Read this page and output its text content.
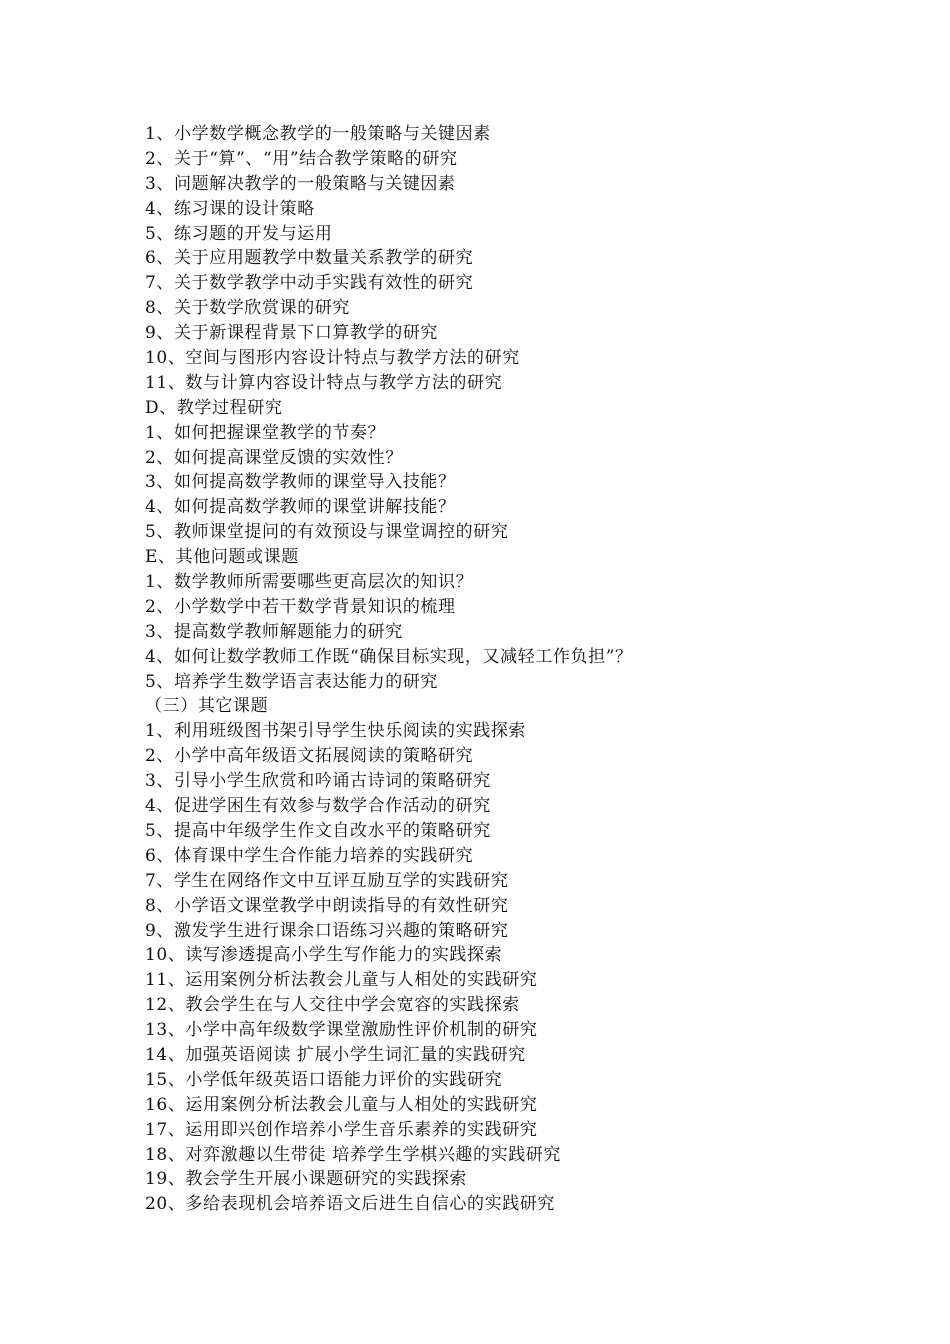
1、小学数学概念教学的一般策略与关键因素
2、关于“算”、“用”结合教学策略的研究
3、问题解决教学的一般策略与关键因素
4、练习课的设计策略
5、练习题的开发与运用
6、关于应用题教学中数量关系教学的研究
7、关于数学教学中动手实践有效性的研究
8、关于数学欣赏课的研究
9、关于新课程背景下口算教学的研究
10、空间与图形内容设计特点与教学方法的研究
11、数与计算内容设计特点与教学方法的研究
D、教学过程研究
1、如何把握课堂教学的节奏？
2、如何提高课堂反馈的实效性？
3、如何提高数学教师的课堂导入技能？
4、如何提高数学教师的课堂讲解技能？
5、教师课堂提问的有效预设与课堂调控的研究
E、其他问题或课题
1、数学教师所需要哪些更高层次的知识？
2、小学数学中若干数学背景知识的梳理
3、提高数学教师解题能力的研究
4、如何让数学教师工作既“确保目标实现，又减轻工作负担”？
5、培养学生数学语言表达能力的研究
（三）其它课题
1、利用班级图书架引导学生快乐阅读的实践探索
2、小学中高年级语文拓展阅读的策略研究
3、引导小学生欣赏和吟诵古诗词的策略研究
4、促进学困生有效参与数学合作活动的研究
5、提高中年级学生作文自改水平的策略研究
6、体育课中学生合作能力培养的实践研究
7、学生在网络作文中互评互励互学的实践研究
8、小学语文课堂教学中朗读指导的有效性研究
9、激发学生进行课余口语练习兴趣的策略研究
10、读写渗透提高小学生写作能力的实践探索
11、运用案例分析法教会儿童与人相处的实践研究
12、教会学生在与人交往中学会宽容的实践探索
13、小学中高年级数学课堂激励性评价机制的研究
14、加强英语阅读 扩展小学生词汇量的实践研究
15、小学低年级英语口语能力评价的实践研究
16、运用案例分析法教会儿童与人相处的实践研究
17、运用即兴创作培养小学生音乐素养的实践研究
18、对弈激趣以生带徒 培养学生学棋兴趣的实践研究
19、教会学生开展小课题研究的实践探索
20、多给表现机会培养语文后进生自信心的实践研究
